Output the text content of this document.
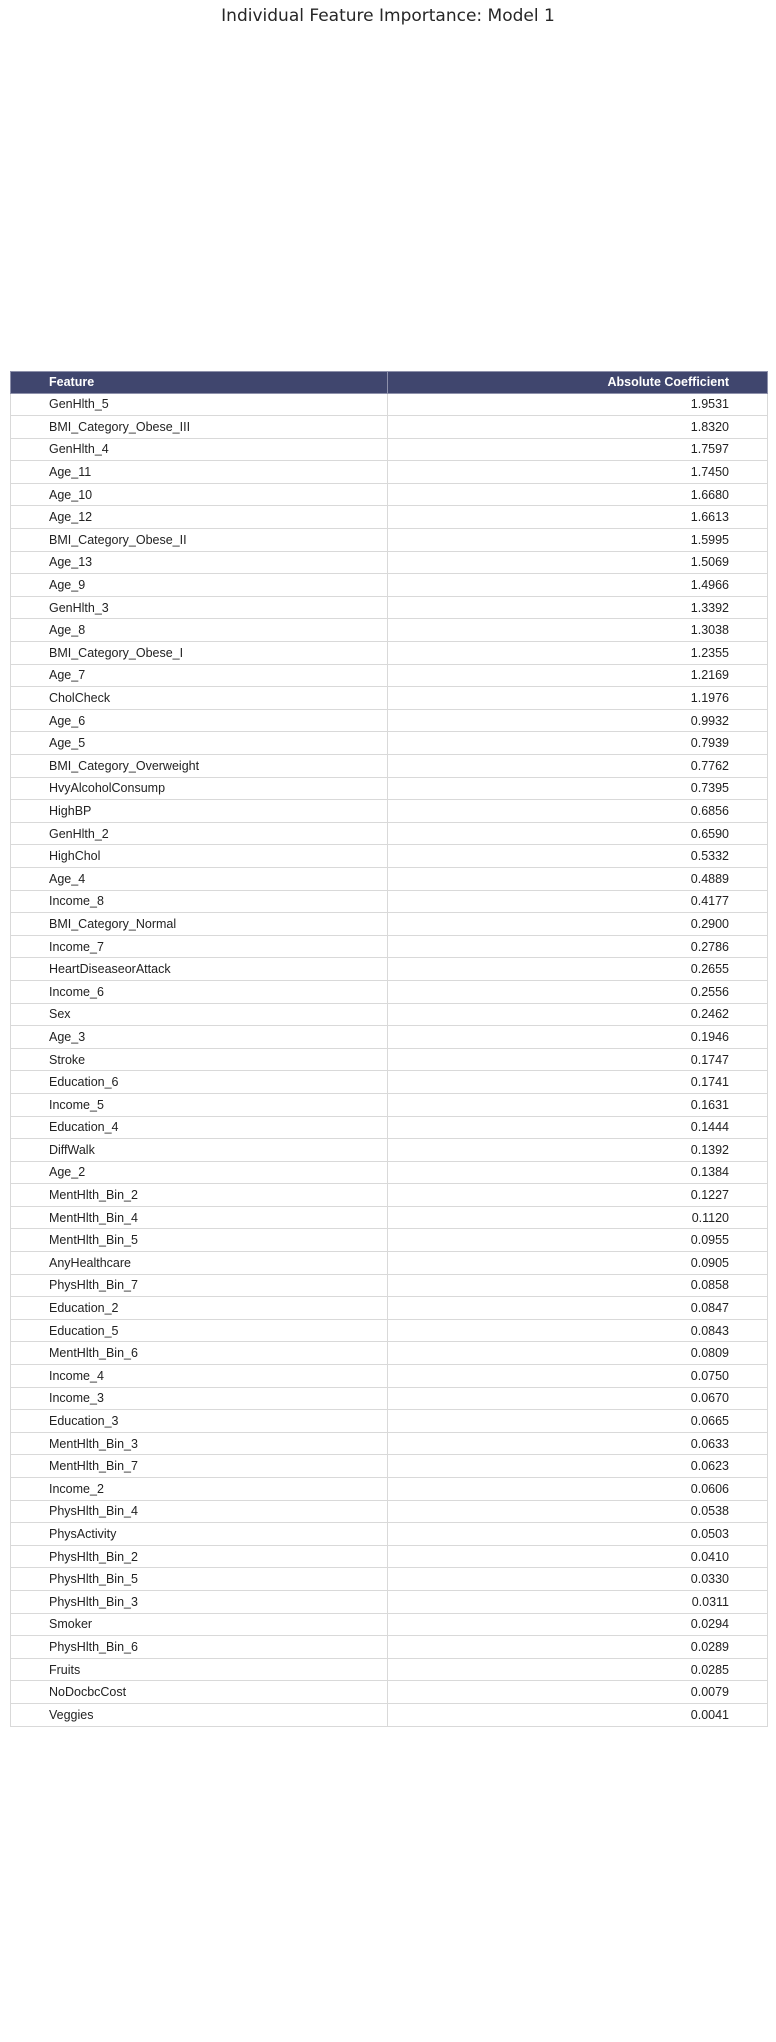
Individual Feature Importance: Model 1
Feature	Absolute Coefficient
GenHlth_5	1.9531
BMI_Category_Obese_III	1.8320
GenHlth_4	1.7597
Age_11	1.7450
Age_10	1.6680
Age_12	1.6613
BMI_Category_Obese_II	1.5995
Age_13	1.5069
Age_9	1.4966
GenHlth_3	1.3392
Age_8	1.3038
BMI_Category_Obese_I	1.2355
Age_7	1.2169
CholCheck	1.1976
Age_6	0.9932
Age_5	0.7939
BMI_Category_Overweight	0.7762
HvyAlcoholConsump	0.7395
HighBP	0.6856
GenHlth_2	0.6590
HighChol	0.5332
Age_4	0.4889
Income_8	0.4177
BMI_Category_Normal	0.2900
Income_7	0.2786
HeartDiseaseorAttack	0.2655
Income_6	0.2556
Sex	0.2462
Age_3	0.1946
Stroke	0.1747
Education_6	0.1741
Income_5	0.1631
Education_4	0.1444
DiffWalk	0.1392
Age_2	0.1384
MentHlth_Bin_2	0.1227
MentHlth_Bin_4	0.1120
MentHlth_Bin_5	0.0955
AnyHealthcare	0.0905
PhysHlth_Bin_7	0.0858
Education_2	0.0847
Education_5	0.0843
MentHlth_Bin_6	0.0809
Income_4	0.0750
Income_3	0.0670
Education_3	0.0665
MentHlth_Bin_3	0.0633
MentHlth_Bin_7	0.0623
Income_2	0.0606
PhysHlth_Bin_4	0.0538
PhysActivity	0.0503
PhysHlth_Bin_2	0.0410
PhysHlth_Bin_5	0.0330
PhysHlth_Bin_3	0.0311
Smoker	0.0294
PhysHlth_Bin_6	0.0289
Fruits	0.0285
NoDocbcCost	0.0079
Veggies	0.0041
